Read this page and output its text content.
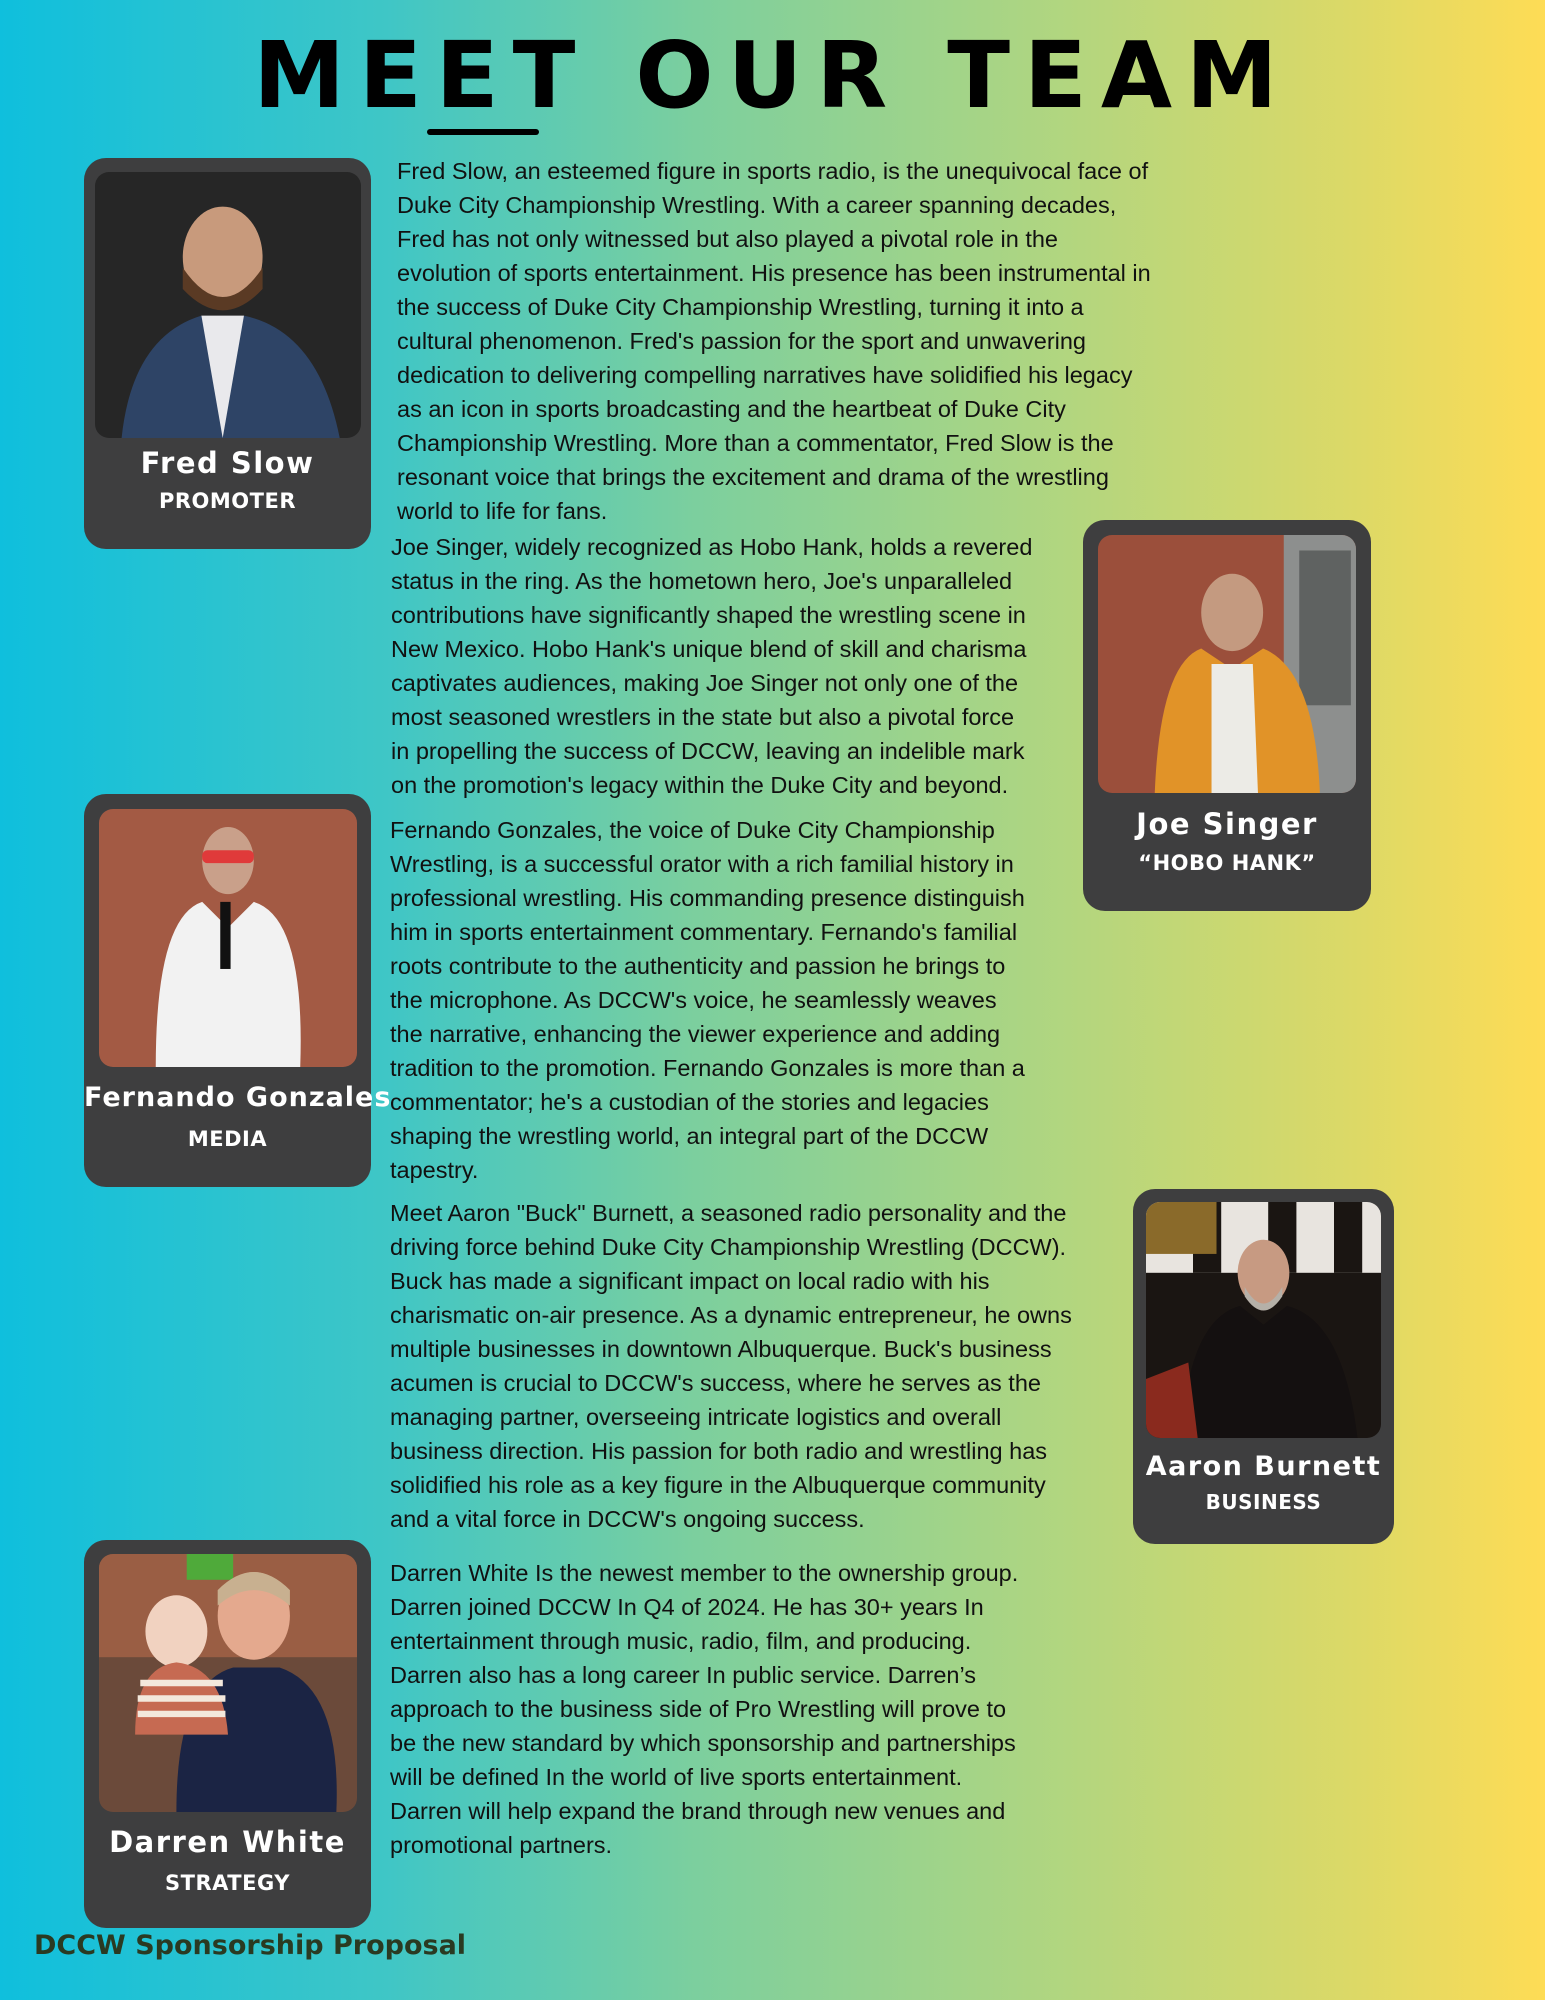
MEET OUR TEAM
Fred Slow
PROMOTER
Fred Slow, an esteemed figure in sports radio, is the unequivocal face of
Duke City Championship Wrestling. With a career spanning decades,
Fred has not only witnessed but also played a pivotal role in the
evolution of sports entertainment. His presence has been instrumental in
the success of Duke City Championship Wrestling, turning it into a
cultural phenomenon. Fred's passion for the sport and unwavering
dedication to delivering compelling narratives have solidified his legacy
as an icon in sports broadcasting and the heartbeat of Duke City
Championship Wrestling. More than a commentator, Fred Slow is the
resonant voice that brings the excitement and drama of the wrestling
world to life for fans.
Joe Singer, widely recognized as Hobo Hank, holds a revered
status in the ring. As the hometown hero, Joe's unparalleled
contributions have significantly shaped the wrestling scene in
New Mexico. Hobo Hank's unique blend of skill and charisma
captivates audiences, making Joe Singer not only one of the
most seasoned wrestlers in the state but also a pivotal force
in propelling the success of DCCW, leaving an indelible mark
on the promotion's legacy within the Duke City and beyond.
Joe Singer
“HOBO HANK”
Fernando Gonzales
MEDIA
Fernando Gonzales, the voice of Duke City Championship
Wrestling, is a successful orator with a rich familial history in
professional wrestling. His commanding presence distinguish
him in sports entertainment commentary. Fernando's familial
roots contribute to the authenticity and passion he brings to
the microphone. As DCCW's voice, he seamlessly weaves
the narrative, enhancing the viewer experience and adding
tradition to the promotion. Fernando Gonzales is more than a
commentator; he's a custodian of the stories and legacies
shaping the wrestling world, an integral part of the DCCW
tapestry.
Meet Aaron "Buck" Burnett, a seasoned radio personality and the
driving force behind Duke City Championship Wrestling (DCCW).
Buck has made a significant impact on local radio with his
charismatic on-air presence. As a dynamic entrepreneur, he owns
multiple businesses in downtown Albuquerque. Buck's business
acumen is crucial to DCCW's success, where he serves as the
managing partner, overseeing intricate logistics and overall
business direction. His passion for both radio and wrestling has
solidified his role as a key figure in the Albuquerque community
and a vital force in DCCW's ongoing success.
Aaron Burnett
BUSINESS
Darren White
STRATEGY
Darren White Is the newest member to the ownership group.
Darren joined DCCW In Q4 of 2024. He has 30+ years In
entertainment through music, radio, film, and producing.
Darren also has a long career In public service. Darren’s
approach to the business side of Pro Wrestling will prove to
be the new standard by which sponsorship and partnerships
will be defined In the world of live sports entertainment.
Darren will help expand the brand through new venues and
promotional partners.
DCCW Sponsorship Proposal
